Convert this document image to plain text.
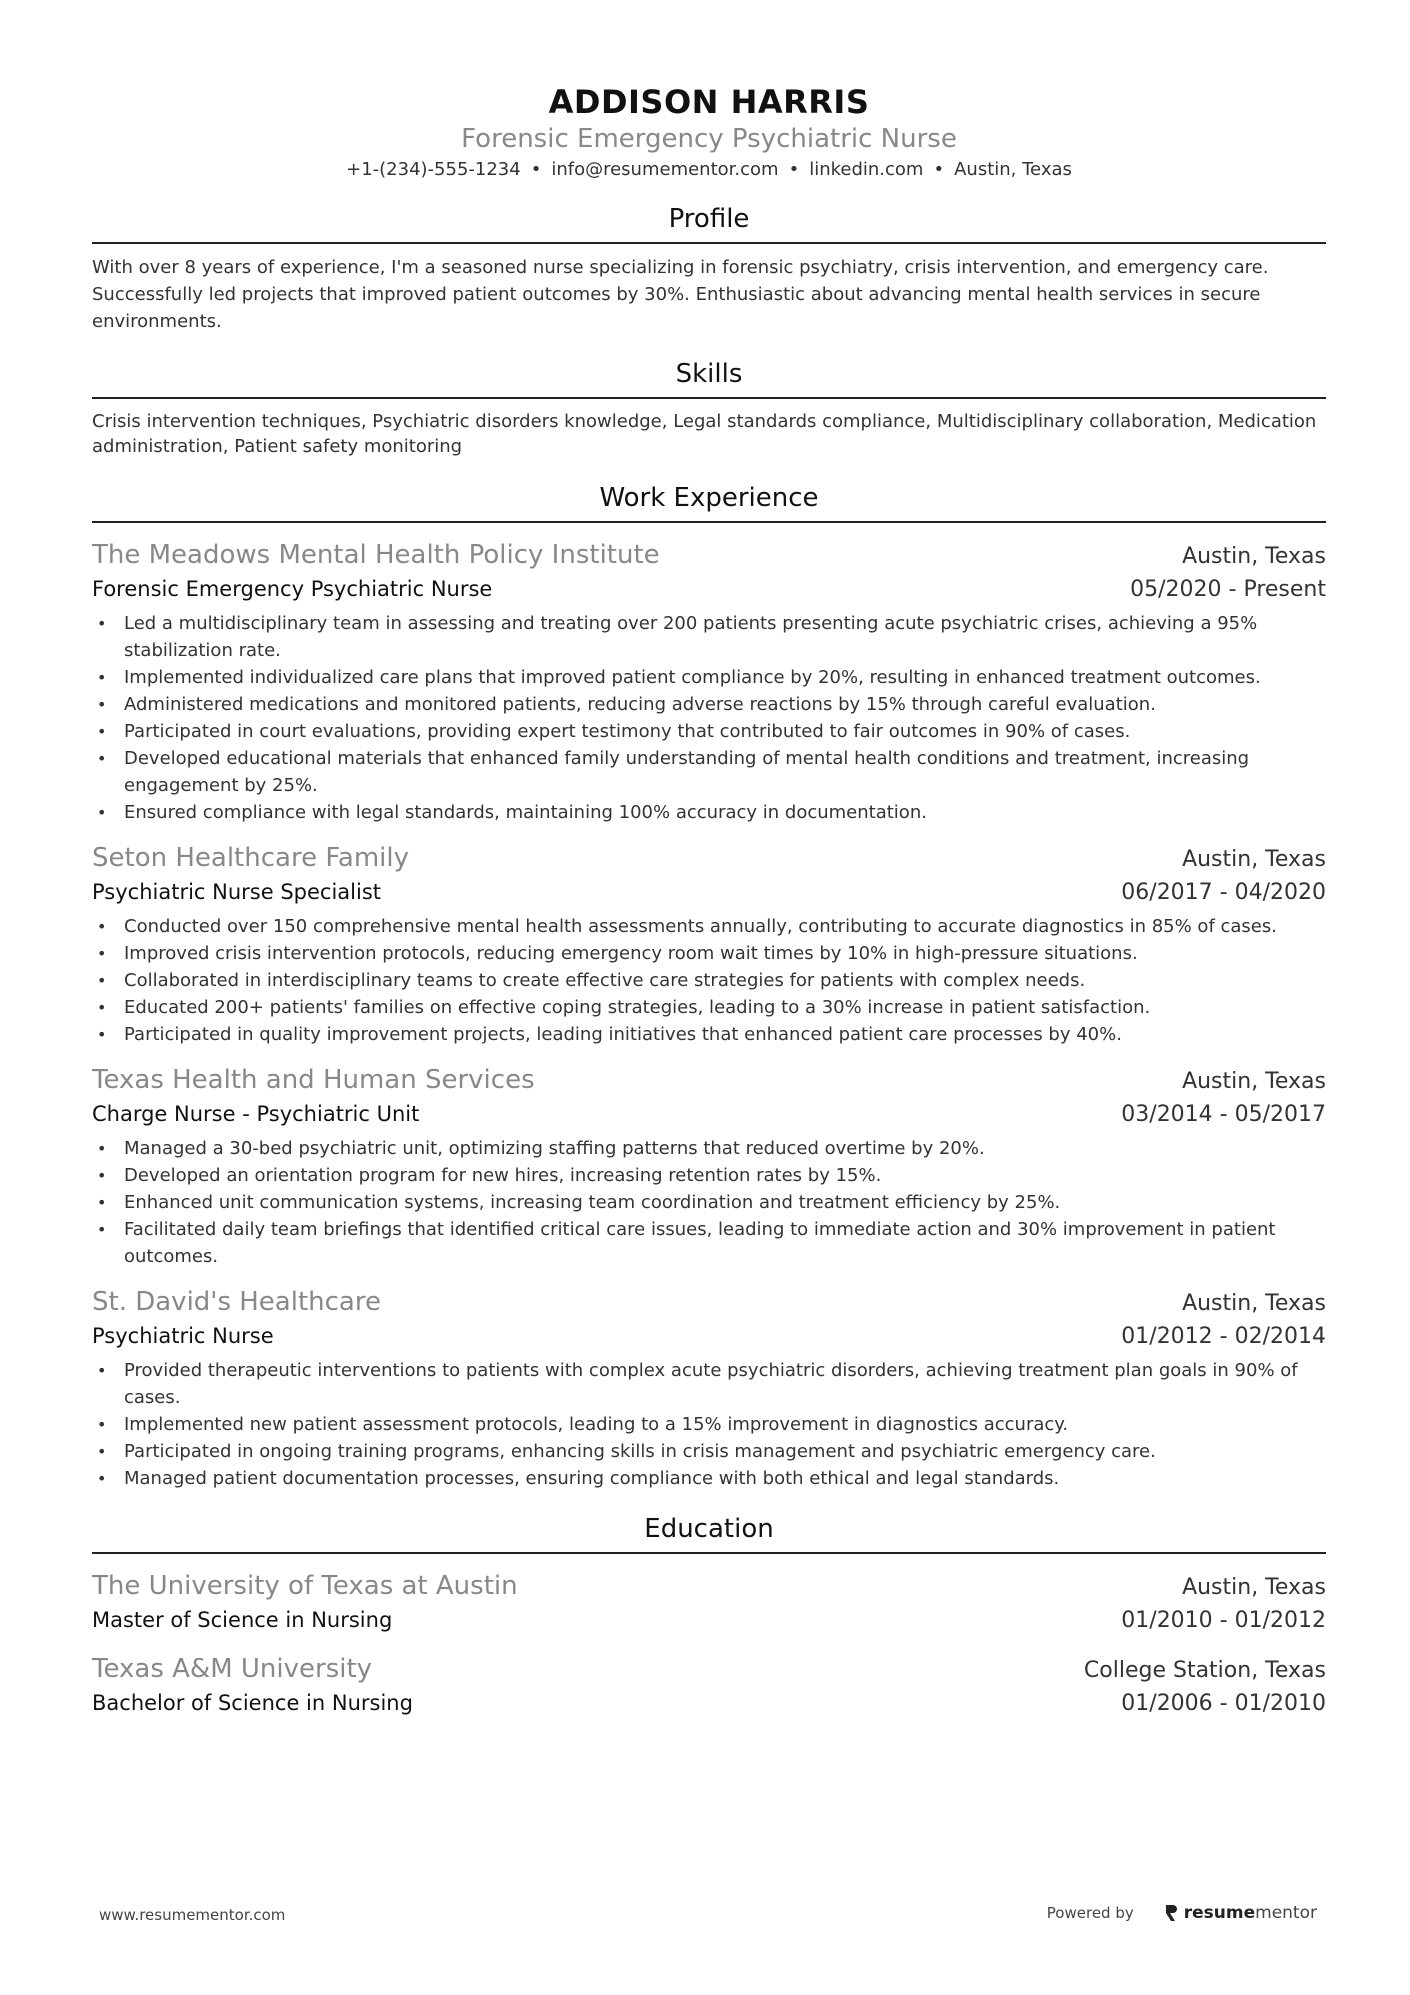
ADDISON HARRIS
Forensic Emergency Psychiatric Nurse
+1-(234)-555-1234 • info@resumementor.com • linkedin.com • Austin, Texas
Profile
With over 8 years of experience, I'm a seasoned nurse specializing in forensic psychiatry, crisis intervention, and emergency care. Successfully led projects that improved patient outcomes by 30%. Enthusiastic about advancing mental health services in secure environments.
Skills
Crisis intervention techniques, Psychiatric disorders knowledge, Legal standards compliance, Multidisciplinary collaboration, Medication administration, Patient safety monitoring
Work Experience
The Meadows Mental Health Policy Institute	Austin, Texas
Forensic Emergency Psychiatric Nurse	05/2020 - Present
• Led a multidisciplinary team in assessing and treating over 200 patients presenting acute psychiatric crises, achieving a 95% stabilization rate.
• Implemented individualized care plans that improved patient compliance by 20%, resulting in enhanced treatment outcomes.
• Administered medications and monitored patients, reducing adverse reactions by 15% through careful evaluation.
• Participated in court evaluations, providing expert testimony that contributed to fair outcomes in 90% of cases.
• Developed educational materials that enhanced family understanding of mental health conditions and treatment, increasing engagement by 25%.
• Ensured compliance with legal standards, maintaining 100% accuracy in documentation.
Seton Healthcare Family	Austin, Texas
Psychiatric Nurse Specialist	06/2017 - 04/2020
• Conducted over 150 comprehensive mental health assessments annually, contributing to accurate diagnostics in 85% of cases.
• Improved crisis intervention protocols, reducing emergency room wait times by 10% in high-pressure situations.
• Collaborated in interdisciplinary teams to create effective care strategies for patients with complex needs.
• Educated 200+ patients' families on effective coping strategies, leading to a 30% increase in patient satisfaction.
• Participated in quality improvement projects, leading initiatives that enhanced patient care processes by 40%.
Texas Health and Human Services	Austin, Texas
Charge Nurse - Psychiatric Unit	03/2014 - 05/2017
• Managed a 30-bed psychiatric unit, optimizing staffing patterns that reduced overtime by 20%.
• Developed an orientation program for new hires, increasing retention rates by 15%.
• Enhanced unit communication systems, increasing team coordination and treatment efficiency by 25%.
• Facilitated daily team briefings that identified critical care issues, leading to immediate action and 30% improvement in patient outcomes.
St. David's Healthcare	Austin, Texas
Psychiatric Nurse	01/2012 - 02/2014
• Provided therapeutic interventions to patients with complex acute psychiatric disorders, achieving treatment plan goals in 90% of cases.
• Implemented new patient assessment protocols, leading to a 15% improvement in diagnostics accuracy.
• Participated in ongoing training programs, enhancing skills in crisis management and psychiatric emergency care.
• Managed patient documentation processes, ensuring compliance with both ethical and legal standards.
Education
The University of Texas at Austin	Austin, Texas
Master of Science in Nursing	01/2010 - 01/2012
Texas A&M University	College Station, Texas
Bachelor of Science in Nursing	01/2006 - 01/2010
www.resumementor.com	Powered by	resume mentor
